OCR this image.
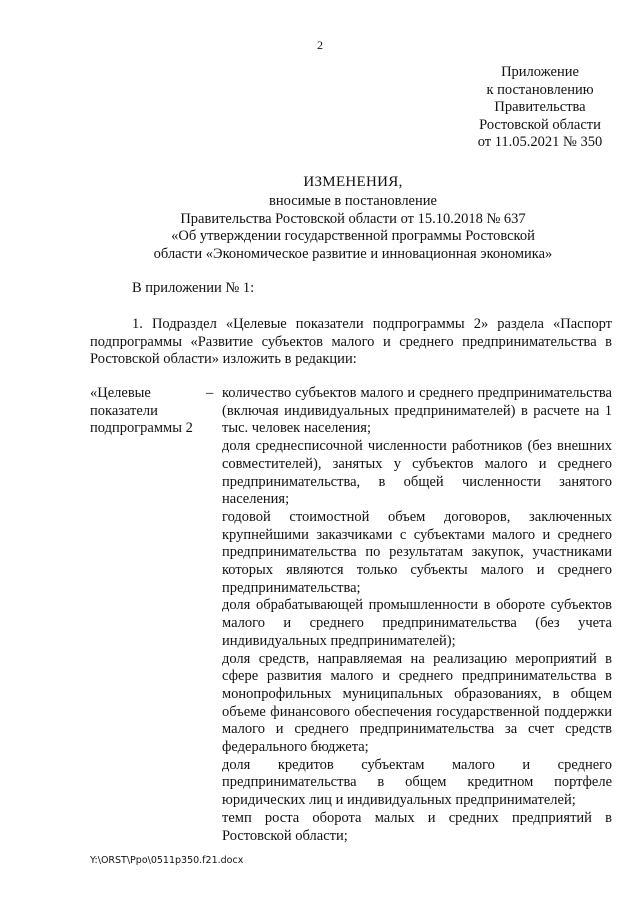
2
Приложение
к постановлению
Правительства
Ростовской области
от 11.05.2021 № 350
ИЗМЕНЕНИЯ,
вносимые в постановление
Правительства Ростовской области от 15.10.2018 № 637
«Об утверждении государственной программы Ростовской
области «Экономическое развитие и инновационная экономика»
В приложении № 1:
1. Подраздел «Целевые показатели подпрограммы 2» раздела «Паспорт подпрограммы «Развитие субъектов малого и среднего предпринимательства в Ростовской области» изложить в редакции:
«Целевые
показатели
подпрограммы 2
– количество субъектов малого и среднего предпринимательства (включая индивидуальных предпринимателей) в расчете на 1 тыс. человек населения;

доля среднесписочной численности работников (без внешних совместителей), занятых у субъектов малого и среднего предпринимательства, в общей численности занятого населения;

годовой стоимостной объем договоров, заключенных крупнейшими заказчиками с субъектами малого и среднего предпринимательства по результатам закупок, участниками которых являются только субъекты малого и среднего предпринимательства;

доля обрабатывающей промышленности в обороте субъектов малого и среднего предпринимательства (без учета индивидуальных предпринимателей);

доля средств, направляемая на реализацию мероприятий в сфере развития малого и среднего предпринимательства в монопрофильных муниципальных образованиях, в общем объеме финансового обеспечения государственной поддержки малого и среднего предпринимательства за счет средств федерального бюджета;

доля кредитов субъектам малого и среднего предпринимательства в общем кредитном портфеле юридических лиц и индивидуальных предпринимателей;

темп роста оборота малых и средних предприятий в Ростовской области;

Y:\ORST\Ppo\0511p350.f21.docx
